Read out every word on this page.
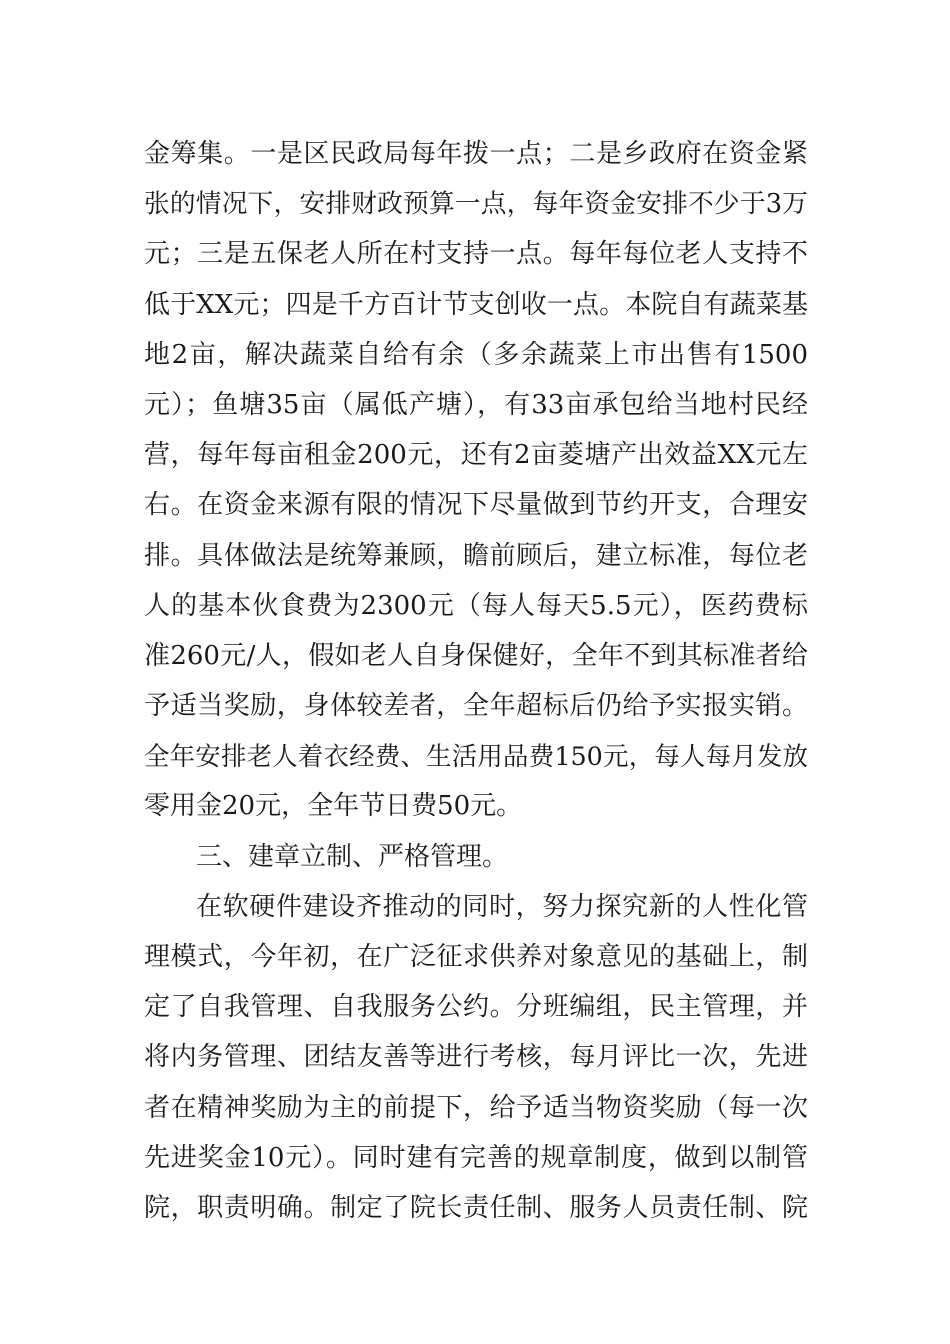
金筹集。一是区民政局每年拨一点；二是乡政府在资金紧
张的情况下，安排财政预算一点，每年资金安排不少于3万
元；三是五保老人所在村支持一点。每年每位老人支持不
低于XX元；四是千方百计节支创收一点。本院自有蔬菜基
地2亩，解决蔬菜自给有余（多余蔬菜上市出售有1500
元）；鱼塘35亩（属低产塘），有33亩承包给当地村民经
营，每年每亩租金200元，还有2亩菱塘产出效益XX元左
右。在资金来源有限的情况下尽量做到节约开支，合理安
排。具体做法是统筹兼顾，瞻前顾后，建立标准，每位老
人的基本伙食费为2300元（每人每天5.5元），医药费标
准260元/人，假如老人自身保健好，全年不到其标准者给
予适当奖励，身体较差者，全年超标后仍给予实报实销。
全年安排老人着衣经费、生活用品费150元，每人每月发放
零用金20元，全年节日费50元。
三、建章立制、严格管理。
在软硬件建设齐推动的同时，努力探究新的人性化管
理模式，今年初，在广泛征求供养对象意见的基础上，制
定了自我管理、自我服务公约。分班编组，民主管理，并
将内务管理、团结友善等进行考核，每月评比一次，先进
者在精神奖励为主的前提下，给予适当物资奖励（每一次
先进奖金10元）。同时建有完善的规章制度，做到以制管
院，职责明确。制定了院长责任制、服务人员责任制、院
